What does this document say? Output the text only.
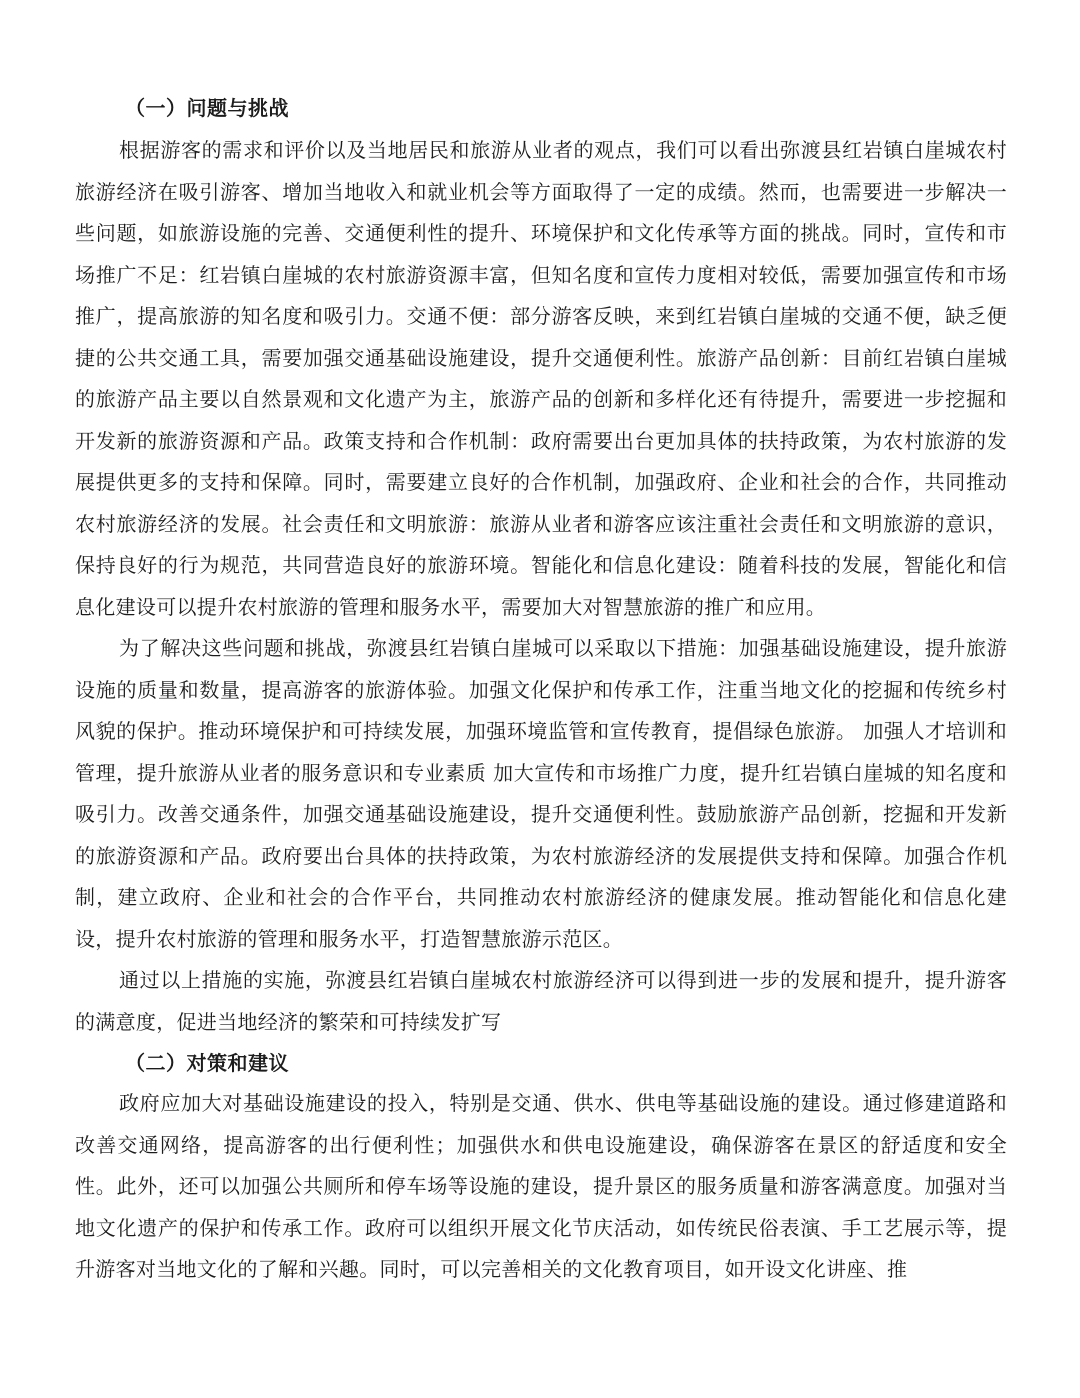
（一）问题与挑战

根据游客的需求和评价以及当地居民和旅游从业者的观点，我们可以看出弥渡县红岩镇白崖城农村旅游经济在吸引游客、增加当地收入和就业机会等方面取得了一定的成绩。然而，也需要进一步解决一些问题，如旅游设施的完善、交通便利性的提升、环境保护和文化传承等方面的挑战。同时，宣传和市场推广不足：红岩镇白崖城的农村旅游资源丰富，但知名度和宣传力度相对较低，需要加强宣传和市场推广，提高旅游的知名度和吸引力。交通不便：部分游客反映，来到红岩镇白崖城的交通不便，缺乏便捷的公共交通工具，需要加强交通基础设施建设，提升交通便利性。旅游产品创新：目前红岩镇白崖城的旅游产品主要以自然景观和文化遗产为主，旅游产品的创新和多样化还有待提升，需要进一步挖掘和开发新的旅游资源和产品。政策支持和合作机制：政府需要出台更加具体的扶持政策，为农村旅游的发展提供更多的支持和保障。同时，需要建立良好的合作机制，加强政府、企业和社会的合作，共同推动农村旅游经济的发展。社会责任和文明旅游：旅游从业者和游客应该注重社会责任和文明旅游的意识，保持良好的行为规范，共同营造良好的旅游环境。智能化和信息化建设：随着科技的发展，智能化和信息化建设可以提升农村旅游的管理和服务水平，需要加大对智慧旅游的推广和应用。

为了解决这些问题和挑战，弥渡县红岩镇白崖城可以采取以下措施：加强基础设施建设，提升旅游设施的质量和数量，提高游客的旅游体验。加强文化保护和传承工作，注重当地文化的挖掘和传统乡村风貌的保护。推动环境保护和可持续发展，加强环境监管和宣传教育，提倡绿色旅游。 加强人才培训和管理，提升旅游从业者的服务意识和专业素质 加大宣传和市场推广力度，提升红岩镇白崖城的知名度和吸引力。改善交通条件，加强交通基础设施建设，提升交通便利性。鼓励旅游产品创新，挖掘和开发新的旅游资源和产品。政府要出台具体的扶持政策，为农村旅游经济的发展提供支持和保障。加强合作机制，建立政府、企业和社会的合作平台，共同推动农村旅游经济的健康发展。推动智能化和信息化建设，提升农村旅游的管理和服务水平，打造智慧旅游示范区。

通过以上措施的实施，弥渡县红岩镇白崖城农村旅游经济可以得到进一步的发展和提升，提升游客的满意度，促进当地经济的繁荣和可持续发扩写

（二）对策和建议

政府应加大对基础设施建设的投入，特别是交通、供水、供电等基础设施的建设。通过修建道路和改善交通网络，提高游客的出行便利性；加强供水和供电设施建设，确保游客在景区的舒适度和安全性。此外，还可以加强公共厕所和停车场等设施的建设，提升景区的服务质量和游客满意度。加强对当地文化遗产的保护和传承工作。政府可以组织开展文化节庆活动，如传统民俗表演、手工艺展示等，提升游客对当地文化的了解和兴趣。同时，可以完善相关的文化教育项目，如开设文化讲座、推
